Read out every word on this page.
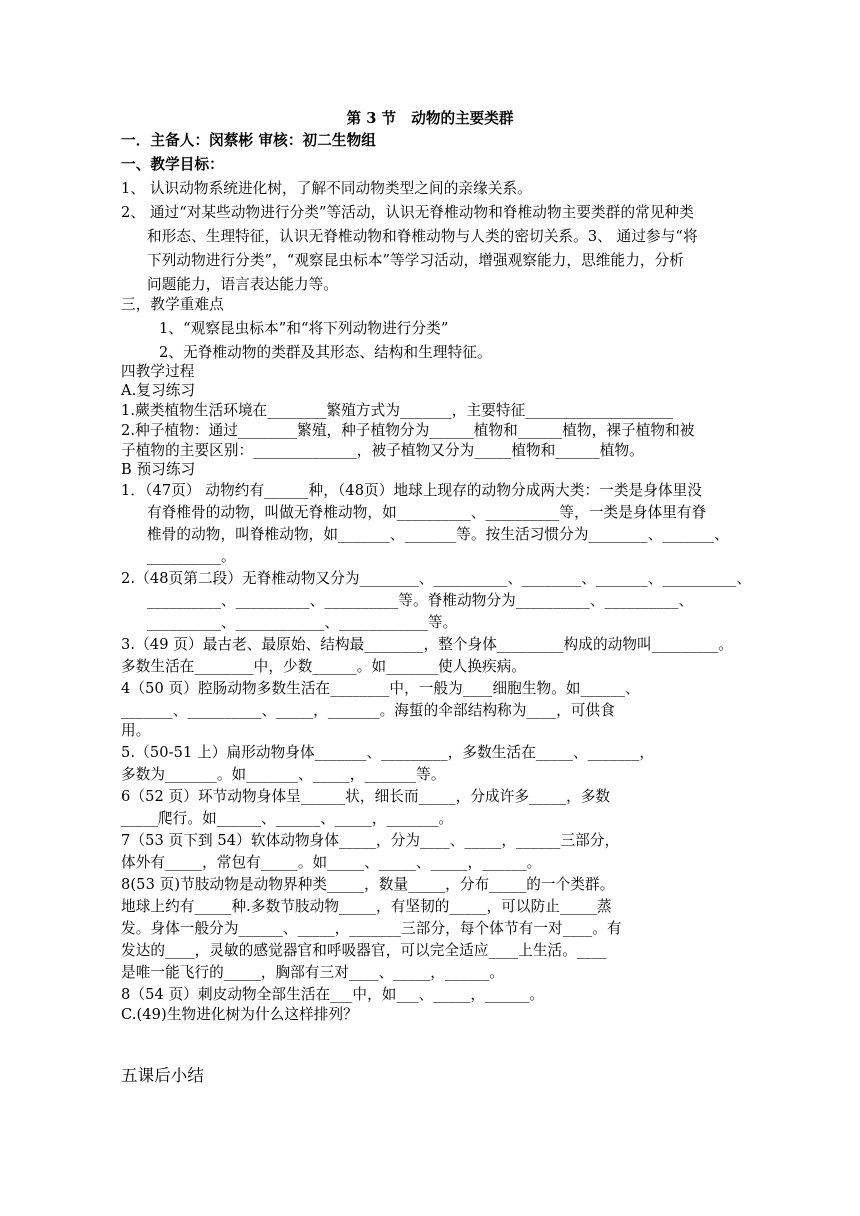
第 3 节   动物的主要类群
一．主备人：闵蔡彬 审核：初二生物组
一、教学目标：
1、 认识动物系统进化树，了解不同动物类型之间的亲缘关系。
2、 通过“对某些动物进行分类”等活动，认识无脊椎动物和脊椎动物主要类群的常见种类
和形态、生理特征，认识无脊椎动物和脊椎动物与人类的密切关系。3、 通过参与“将
下列动物进行分类”，“观察昆虫标本”等学习活动，增强观察能力，思维能力，分析
问题能力，语言表达能力等。
三，教学重难点
1、“观察昆虫标本”和“将下列动物进行分类”
2、无脊椎动物的类群及其形态、结构和生理特征。
四教学过程
A.复习练习
1.蕨类植物生活环境在________繁殖方式为_______，主要特征____________________
2.种子植物：通过________繁殖，种子植物分为______植物和______植物，裸子植物和被
子植物的主要区别：______________，被子植物又分为_____植物和______植物。
B 预习练习
1．（47页） 动物约有______种，（48页）地球上现存的动物分成两大类：一类是身体里没
有脊椎骨的动物，叫做无脊椎动物，如__________、__________等，一类是身体里有脊
椎骨的动物，叫脊椎动物，如_______、_______等。按生活习惯分为________、_______、
__________。
2.（48页第二段）无脊椎动物又分为________、__________、________、_______、__________、
__________、__________、__________等。脊椎动物分为__________、__________、
__________、____________、____________等。
3.（49 页）最古老、最原始、结构最________，整个身体_________构成的动物叫_________。
多数生活在________中，少数______。如_______使人换疾病。
4（50 页）腔肠动物多数生活在________中，一般为____细胞生物。如______、
_______、__________、_____，_______。海蜇的伞部结构称为____，可供食
用。
5.（50-51 上）扁形动物身体_______、_________，多数生活在_____、_______，
多数为_______。如_______、_____，_______等。
6（52 页）环节动物身体呈______状，细长而_____，分成许多_____，多数
_____爬行。如______、______、_____，_______。
7（53 页下到 54）软体动物身体_____，分为____、_____，______三部分，
体外有_____，常包有_____。如_____、_____、_____，______。
8(53 页)节肢动物是动物界种类_____，数量_____，分布_____的一个类群。
地球上约有_____种.多数节肢动物_____，有坚韧的_____，可以防止_____蒸
发。身体一般分为______、_____，_______三部分，每个体节有一对____。有
发达的____，灵敏的感觉器官和呼吸器官，可以完全适应____上生活。____
是唯一能飞行的_____，胸部有三对____、_____，______。
8（54 页）刺皮动物全部生活在___中，如___、_____，______。
C.(49)生物进化树为什么这样排列？
五课后小结
